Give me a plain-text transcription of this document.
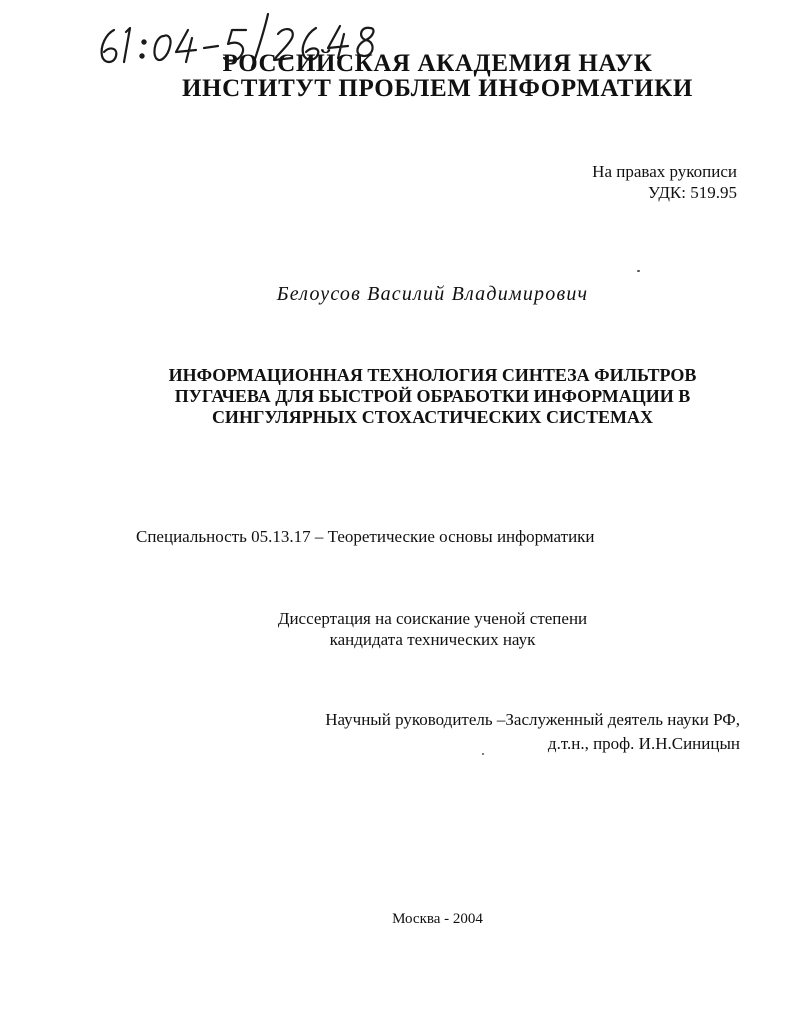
РОССИЙСКАЯ АКАДЕМИЯ НАУК

ИНСТИТУТ ПРОБЛЕМ ИНФОРМАТИКИ

На правах рукописи

УДК: 519.95

Белоусов Василий Владимирович

ИНФОРМАЦИОННАЯ ТЕХНОЛОГИЯ СИНТЕЗА ФИЛЬТРОВ

ПУГАЧЕВА ДЛЯ БЫСТРОЙ ОБРАБОТКИ ИНФОРМАЦИИ В

СИНГУЛЯРНЫХ СТОХАСТИЧЕСКИХ СИСТЕМАХ

Специальность 05.13.17 – Теоретические основы информатики

Диссертация на соискание ученой степени

кандидата технических наук

Научный руководитель –Заслуженный деятель науки РФ,

д.т.н., проф. И.Н.Синицын

Москва - 2004
